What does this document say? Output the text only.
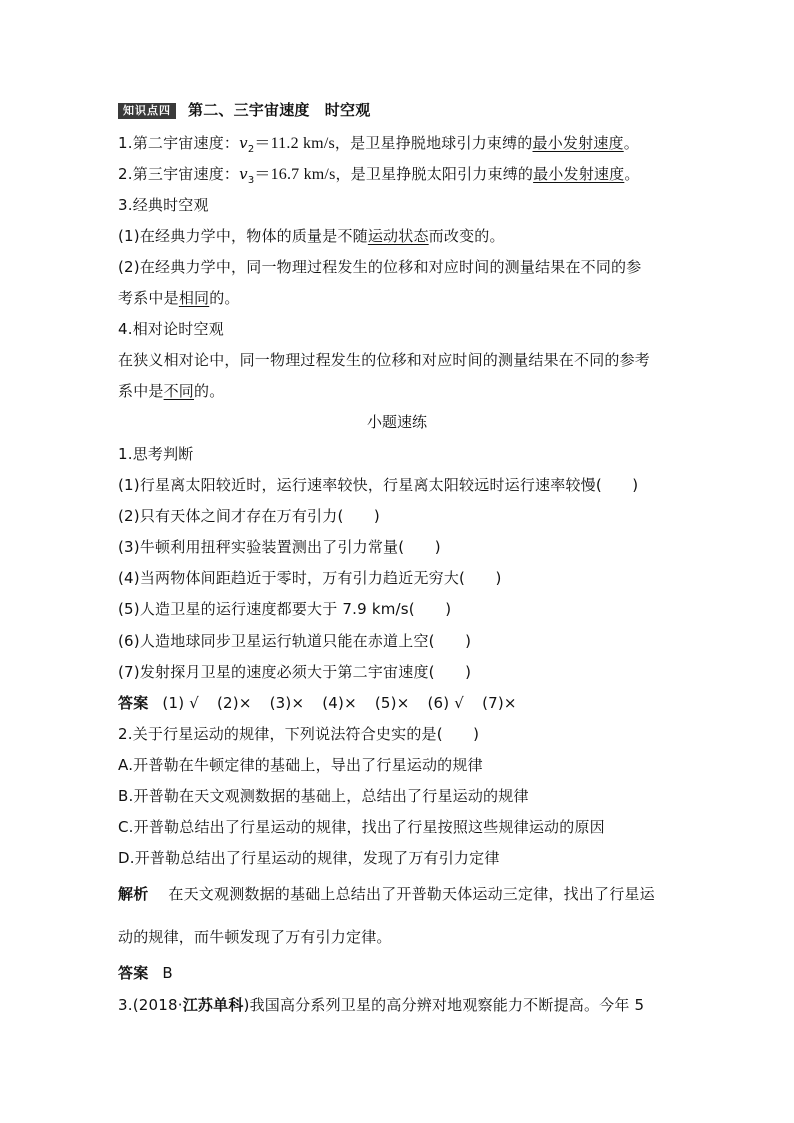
知识点四 第二、三宇宙速度　时空观
1.第二宇宙速度：$v_2=11.2$ km/s，是卫星挣脱地球引力束缚的最小发射速度。
2.第三宇宙速度：$v_3=16.7$ km/s，是卫星挣脱太阳引力束缚的最小发射速度。
3.经典时空观
(1)在经典力学中，物体的质量是不随运动状态而改变的。
(2)在经典力学中，同一物理过程发生的位移和对应时间的测量结果在不同的参
考系中是相同的。
4.相对论时空观
在狭义相对论中，同一物理过程发生的位移和对应时间的测量结果在不同的参考
系中是不同的。
小题速练
1.思考判断
(1)行星离太阳较近时，运行速率较快，行星离太阳较远时运行速率较慢(　　)
(2)只有天体之间才存在万有引力(　　)
(3)牛顿利用扭秤实验装置测出了引力常量(　　)
(4)当两物体间距趋近于零时，万有引力趋近无穷大(　　)
(5)人造卫星的运行速度都要大于 7.9 km/s(　　)
(6)人造地球同步卫星运行轨道只能在赤道上空(　　)
(7)发射探月卫星的速度必须大于第二宇宙速度(　　)
答案 (1) √ (2)× (3)× (4)× (5)× (6) √ (7)×
2.关于行星运动的规律，下列说法符合史实的是(　　)
A.开普勒在牛顿定律的基础上，导出了行星运动的规律
B.开普勒在天文观测数据的基础上，总结出了行星运动的规律
C.开普勒总结出了行星运动的规律，找出了行星按照这些规律运动的原因
D.开普勒总结出了行星运动的规律，发现了万有引力定律
解析 在天文观测数据的基础上总结出了开普勒天体运动三定律，找出了行星运
动的规律，而牛顿发现了万有引力定律。
答案 B
3.(2018·江苏单科)我国高分系列卫星的高分辨对地观察能力不断提高。今年 5
